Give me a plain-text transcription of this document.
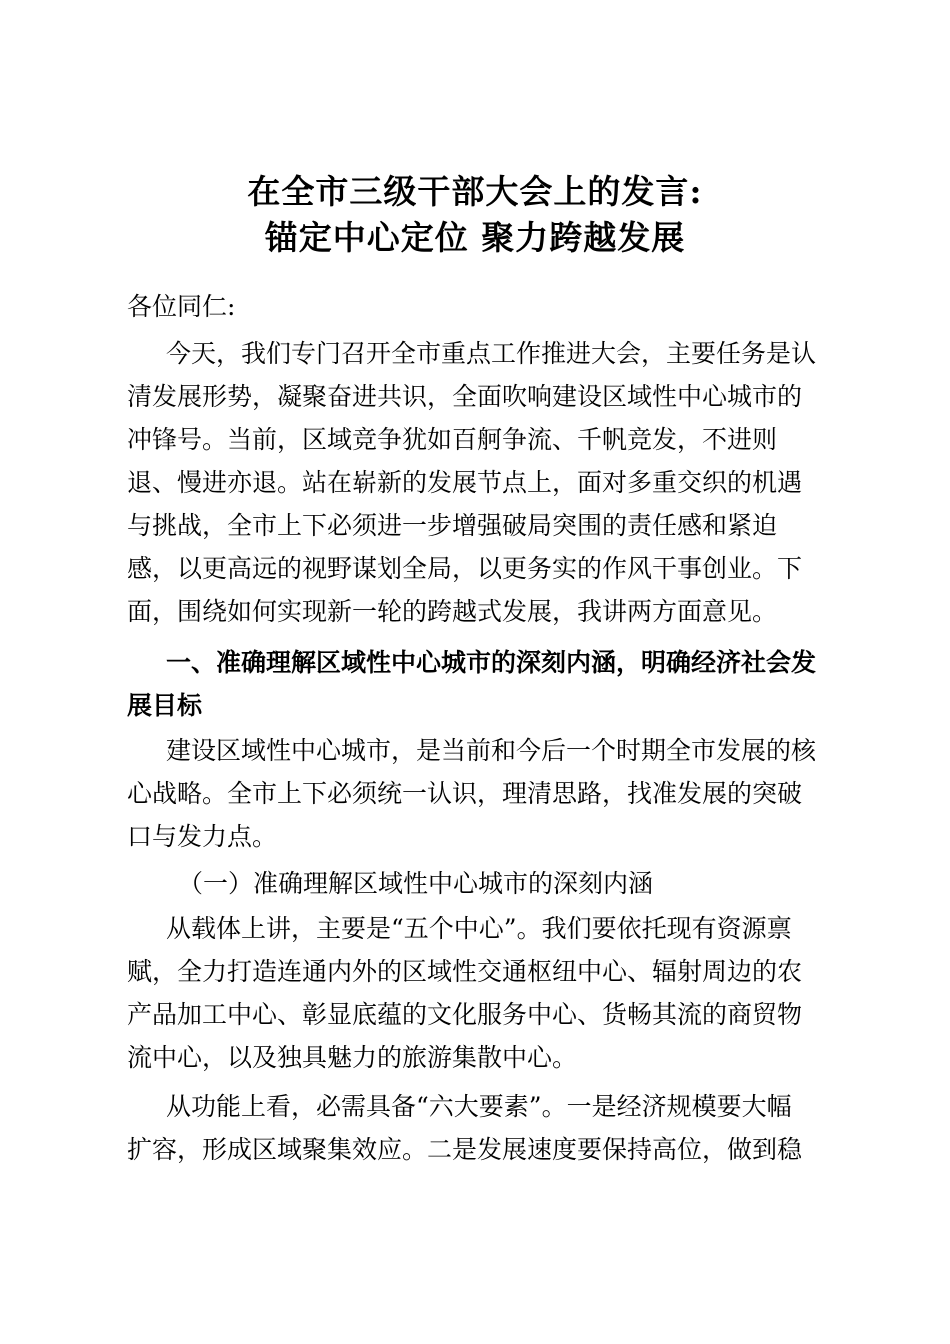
在全市三级干部大会上的发言:
锚定中心定位 聚力跨越发展
各位同仁:
今天，我们专门召开全市重点工作推进大会，主要任务是认
清发展形势，凝聚奋进共识，全面吹响建设区域性中心城市的
冲锋号。当前，区域竞争犹如百舸争流、千帆竞发，不进则
退、慢进亦退。站在崭新的发展节点上，面对多重交织的机遇
与挑战，全市上下必须进一步增强破局突围的责任感和紧迫
感，以更高远的视野谋划全局，以更务实的作风干事创业。下
面，围绕如何实现新一轮的跨越式发展，我讲两方面意见。
一、准确理解区域性中心城市的深刻内涵，明确经济社会发
展目标
建设区域性中心城市，是当前和今后一个时期全市发展的核
心战略。全市上下必须统一认识，理清思路，找准发展的突破
口与发力点。
（一）准确理解区域性中心城市的深刻内涵
从载体上讲，主要是“五个中心”。我们要依托现有资源禀
赋，全力打造连通内外的区域性交通枢纽中心、辐射周边的农
产品加工中心、彰显底蕴的文化服务中心、货畅其流的商贸物
流中心，以及独具魅力的旅游集散中心。
从功能上看，必需具备“六大要素”。一是经济规模要大幅
扩容，形成区域聚集效应。二是发展速度要保持高位，做到稳
